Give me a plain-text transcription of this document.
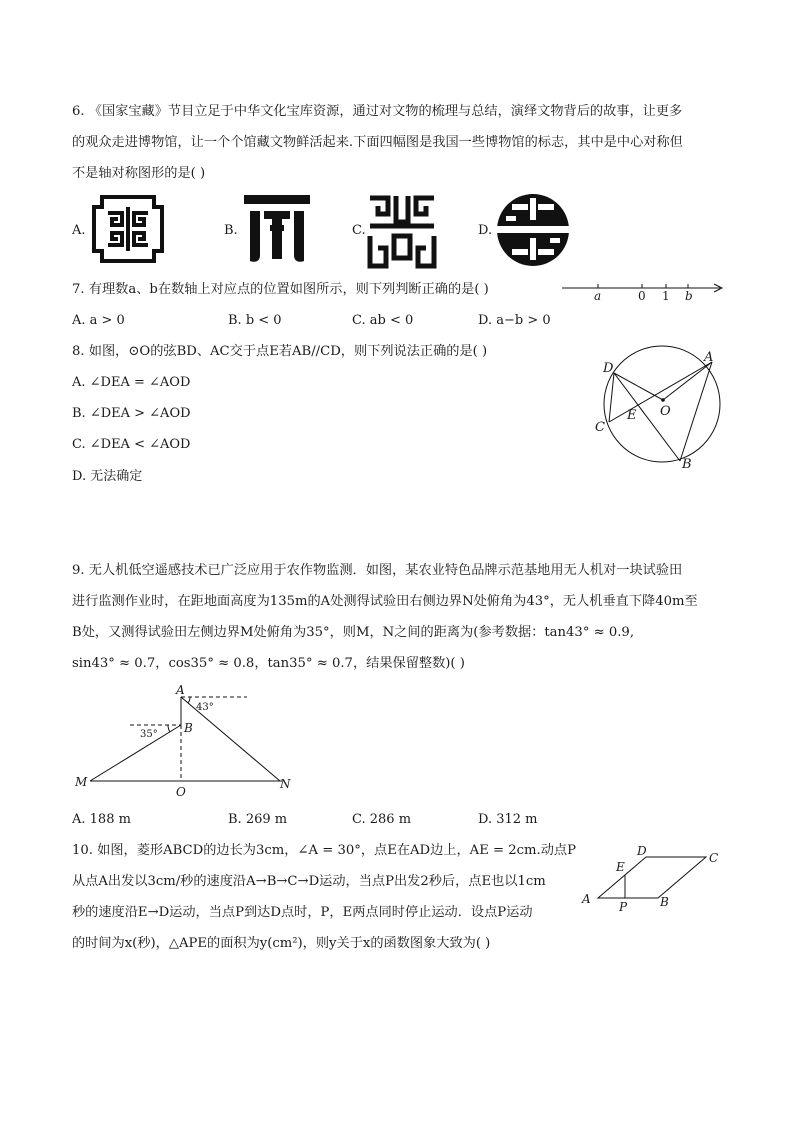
6. 《国家宝藏》节目立足于中华文化宝库资源，通过对文物的梳理与总结，演绎文物背后的故事，让更多
的观众走进博物馆，让一个个馆藏文物鲜活起来.下面四幅图是我国一些博物馆的标志，其中是中心对称但
不是轴对称图形的是( )
A.	B.	C.	D.
7. 有理数a、b在数轴上对应点的位置如图所示，则下列判断正确的是( )	a	0 1 b
A. a > 0	B. b < 0	C. ab < 0	D. a−b > 0
8. 如图，⊙O的弦BD、AC交于点E若AB//CD，则下列说法正确的是( )
A. ∠DEA = ∠AOD
B. ∠DEA > ∠AOD
C. ∠DEA < ∠AOD
D. 无法确定
D
A
E O
C
B
9. 无人机低空遥感技术已广泛应用于农作物监测．如图，某农业特色品牌示范基地用无人机对一块试验田
进行监测作业时，在距地面高度为135m的A处测得试验田右侧边界N处俯角为43°，无人机垂直下降40m至
B处，又测得试验田左侧边界M处俯角为35°，则M，N之间的距离为(参考数据：tan43° ≈ 0.9,
sin43° ≈ 0.7，cos35° ≈ 0.8，tan35° ≈ 0.7，结果保留整数)( )
A
43°
35° B
M
O
N
A. 188 m	B. 269 m	C. 286 m	D. 312 m
10. 如图，菱形ABCD的边长为3cm，∠A = 30°，点E在AD边上，AE = 2cm.动点P
从点A出发以3cm/秒的速度沿A→B→C→D运动，当点P出发2秒后，点E也以1cm
秒的速度沿E→D运动，当点P到达D点时，P，E两点同时停止运动．设点P运动
的时间为x(秒)，△APE的面积为y(cm²)，则y关于x的函数图象大致为( )
D	C
E
A
P	B
